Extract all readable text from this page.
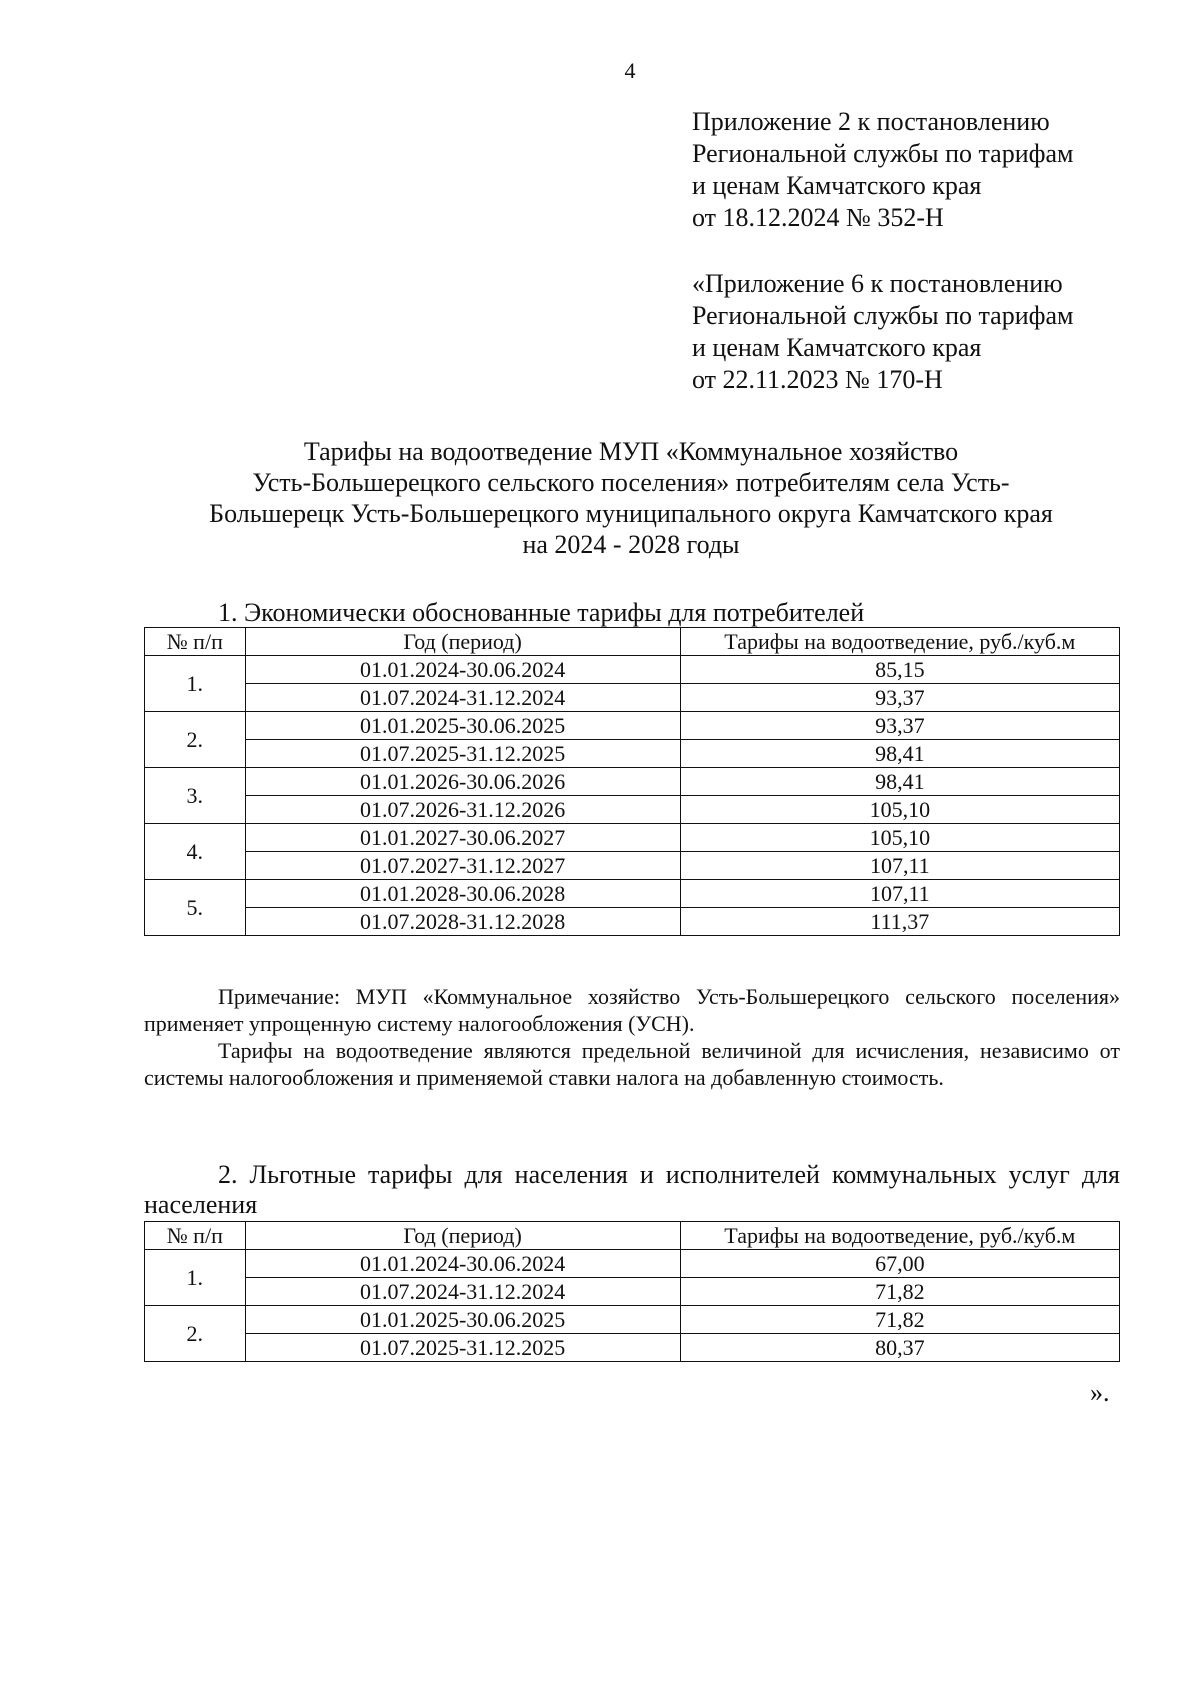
4
Приложение 2 к постановлению
Региональной службы по тарифам
и ценам Камчатского края
от 18.12.2024 № 352-Н
«Приложение 6 к постановлению
Региональной службы по тарифам
и ценам Камчатского края
от 22.11.2023 № 170-Н
Тарифы на водоотведение МУП «Коммунальное хозяйство
Усть-Большерецкого сельского поселения» потребителям села Усть-
Большерецк Усть-Большерецкого муниципального округа Камчатского края
на 2024 - 2028 годы
1. Экономически обоснованные тарифы для потребителей
№ п/п	Год (период)	Тарифы на водоотведение, руб./куб.м
1.	01.01.2024-30.06.2024	85,15
	01.07.2024-31.12.2024	93,37
2.	01.01.2025-30.06.2025	93,37
	01.07.2025-31.12.2025	98,41
3.	01.01.2026-30.06.2026	98,41
	01.07.2026-31.12.2026	105,10
4.	01.01.2027-30.06.2027	105,10
	01.07.2027-31.12.2027	107,11
5.	01.01.2028-30.06.2028	107,11
	01.07.2028-31.12.2028	111,37

Примечание: МУП «Коммунальное хозяйство Усть-Большерецкого сельского поселения» применяет упрощенную систему налогообложения (УСН).

Тарифы на водоотведение являются предельной величиной для исчисления, независимо от системы налогообложения и применяемой ставки налога на добавленную стоимость.

2. Льготные тарифы для населения и исполнителей коммунальных услуг для населения
№ п/п	Год (период)	Тарифы на водоотведение, руб./куб.м
1.	01.01.2024-30.06.2024	67,00
	01.07.2024-31.12.2024	71,82
2.	01.01.2025-30.06.2025	71,82
	01.07.2025-31.12.2025	80,37
».
